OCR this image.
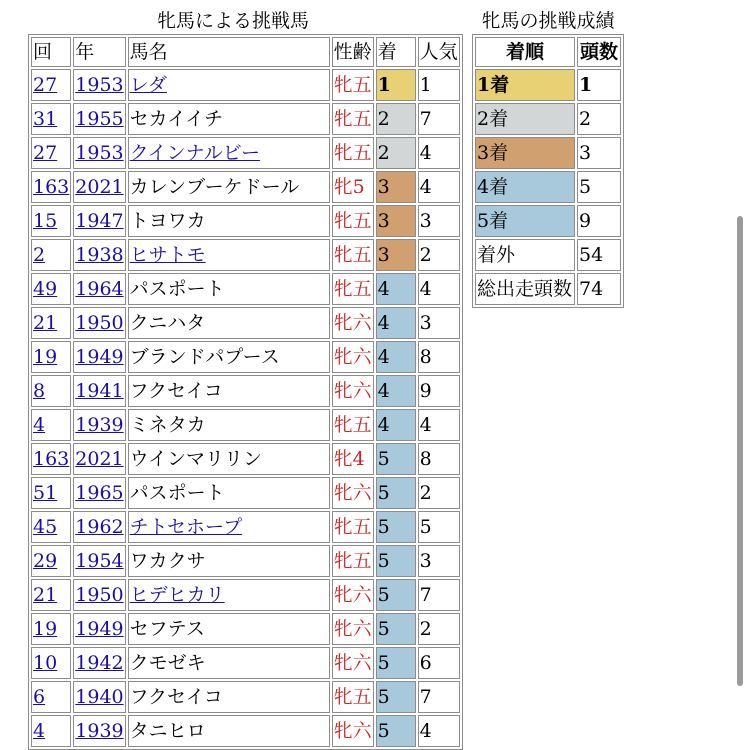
牝馬による挑戦馬	牝馬の挑戦成績
回	年	馬名	性齢	着	人気
27	1953	レダ	牝五	1	1
31	1955	セカイイチ	牝五	2	7
27	1953	クインナルビー	牝五	2	4
163	2021	カレンブーケドール	牝5	3	4
15	1947	トヨワカ	牝五	3	3
2	1938	ヒサトモ	牝五	3	2
49	1964	パスポート	牝五	4	4
21	1950	クニハタ	牝六	4	3
19	1949	ブランドパプース	牝六	4	8
8	1941	フクセイコ	牝六	4	9
4	1939	ミネタカ	牝五	4	4
163	2021	ウインマリリン	牝4	5	8
51	1965	パスポート	牝六	5	2
45	1962	チトセホープ	牝五	5	5
29	1954	ワカクサ	牝五	5	3
21	1950	ヒデヒカリ	牝六	5	7
19	1949	セフテス	牝六	5	2
10	1942	クモゼキ	牝六	5	6
6	1940	フクセイコ	牝五	5	7
4	1939	タニヒロ	牝六	5	4
着順	頭数
1着	1
2着	2
3着	3
4着	5
5着	9
着外	54
総出走頭数	74
